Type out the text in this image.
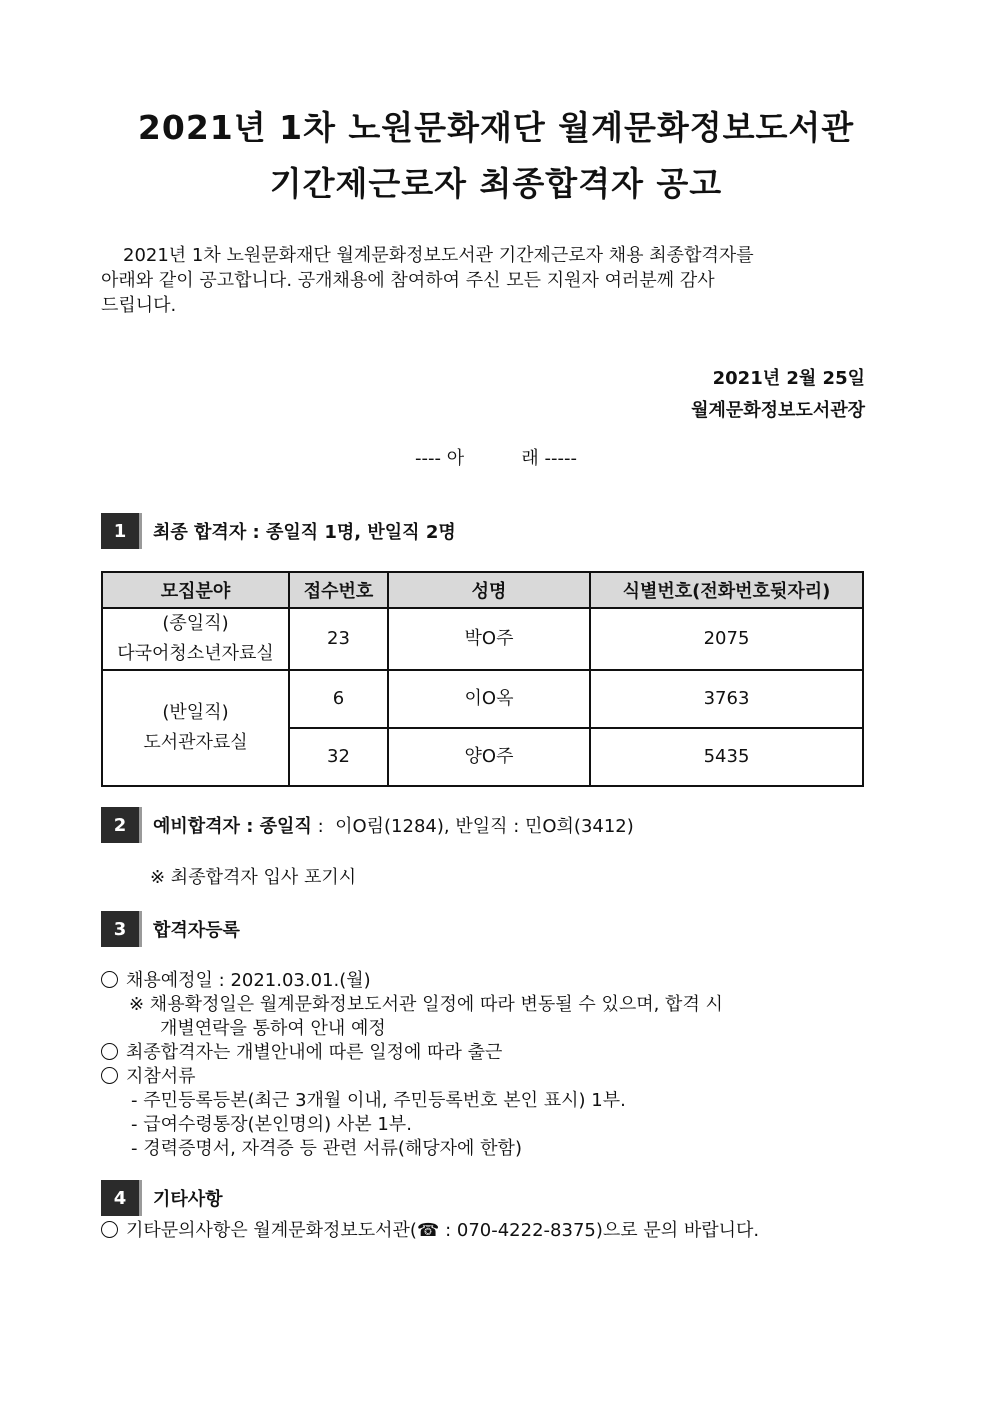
2021년 1차 노원문화재단 월계문화정보도서관
기간제근로자 최종합격자 공고
2021년 1차 노원문화재단 월계문화정보도서관 기간제근로자 채용 최종합격자를
아래와 같이 공고합니다. 공개채용에 참여하여 주신 모든 지원자 여러분께 감사
드립니다.
2021년 2월 25일
월계문화정보도서관장
---- 아          래 -----
1	최종 합격자 : 종일직 1명, 반일직 2명
모집분야	접수번호	성명	식별번호(전화번호뒷자리)

(종일직)
다국어청소년자료실	23	박O주	2075

(반일직)
도서관자료실	6	이O옥	3763
	32	양O주	5435
2	예비합격자 : 종일직 :  이O림(1284), 반일직 : 민O희(3412)
※ 최종합격자 입사 포기시
3	합격자등록
채용예정일 : 2021.03.01.(월)
※ 채용확정일은 월계문화정보도서관 일정에 따라 변동될 수 있으며, 합격 시
개별연락을 통하여 안내 예정
최종합격자는 개별안내에 따른 일정에 따라 출근
지참서류
- 주민등록등본(최근 3개월 이내, 주민등록번호 본인 표시) 1부.
- 급여수령통장(본인명의) 사본 1부.
- 경력증명서, 자격증 등 관련 서류(해당자에 한함)
4	기타사항
기타문의사항은 월계문화정보도서관(☎ : 070-4222-8375)으로 문의 바랍니다.
